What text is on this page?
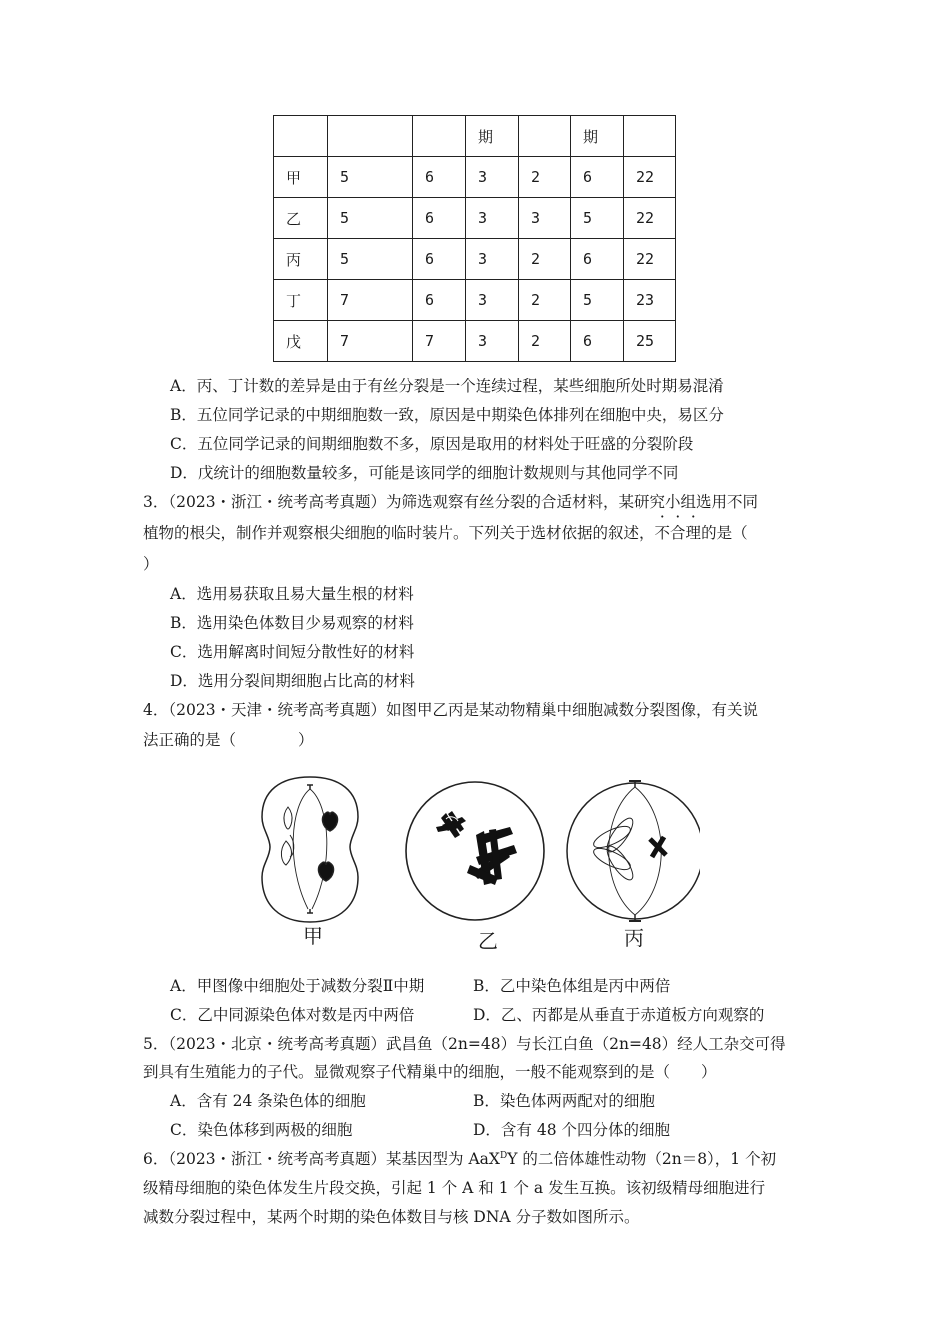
			期		期	
甲	5	6	3	2	6	22
乙	5	6	3	3	5	22
丙	5	6	3	2	6	22
丁	7	6	3	2	5	23
戊	7	7	3	2	6	25
A．丙、丁计数的差异是由于有丝分裂是一个连续过程，某些细胞所处时期易混淆
B．五位同学记录的中期细胞数一致，原因是中期染色体排列在细胞中央，易区分
C．五位同学记录的间期细胞数不多，原因是取用的材料处于旺盛的分裂阶段
D．戊统计的细胞数量较多，可能是该同学的细胞计数规则与其他同学不同
3．（2023・浙江・统考高考真题）为筛选观察有丝分裂的合适材料，某研究小组选用不同
植物的根尖，制作并观察根尖细胞的临时装片。下列关于选材依据的叙述，不合理的是（
）
A．选用易获取且易大量生根的材料
B．选用染色体数目少易观察的材料
C．选用解离时间短分散性好的材料
D．选用分裂间期细胞占比高的材料
4．（2023・天津・统考高考真题）如图甲乙丙是某动物精巢中细胞减数分裂图像，有关说
法正确的是（　　　　）
甲	乙	丙
A．甲图像中细胞处于减数分裂Ⅱ中期	B．乙中染色体组是丙中两倍
C．乙中同源染色体对数是丙中两倍	D．乙、丙都是从垂直于赤道板方向观察的
5．（2023・北京・统考高考真题）武昌鱼（2n=48）与长江白鱼（2n=48）经人工杂交可得
到具有生殖能力的子代。显微观察子代精巢中的细胞，一般不能观察到的是（　　）
A．含有 24 条染色体的细胞	B．染色体两两配对的细胞
C．染色体移到两极的细胞	D．含有 48 个四分体的细胞
6．（2023・浙江・统考高考真题）某基因型为 AaX$^D$Y 的二倍体雄性动物（2n＝8），1 个初
级精母细胞的染色体发生片段交换，引起 1 个 A 和 1 个 a 发生互换。该初级精母细胞进行
减数分裂过程中，某两个时期的染色体数目与核 DNA 分子数如图所示。
